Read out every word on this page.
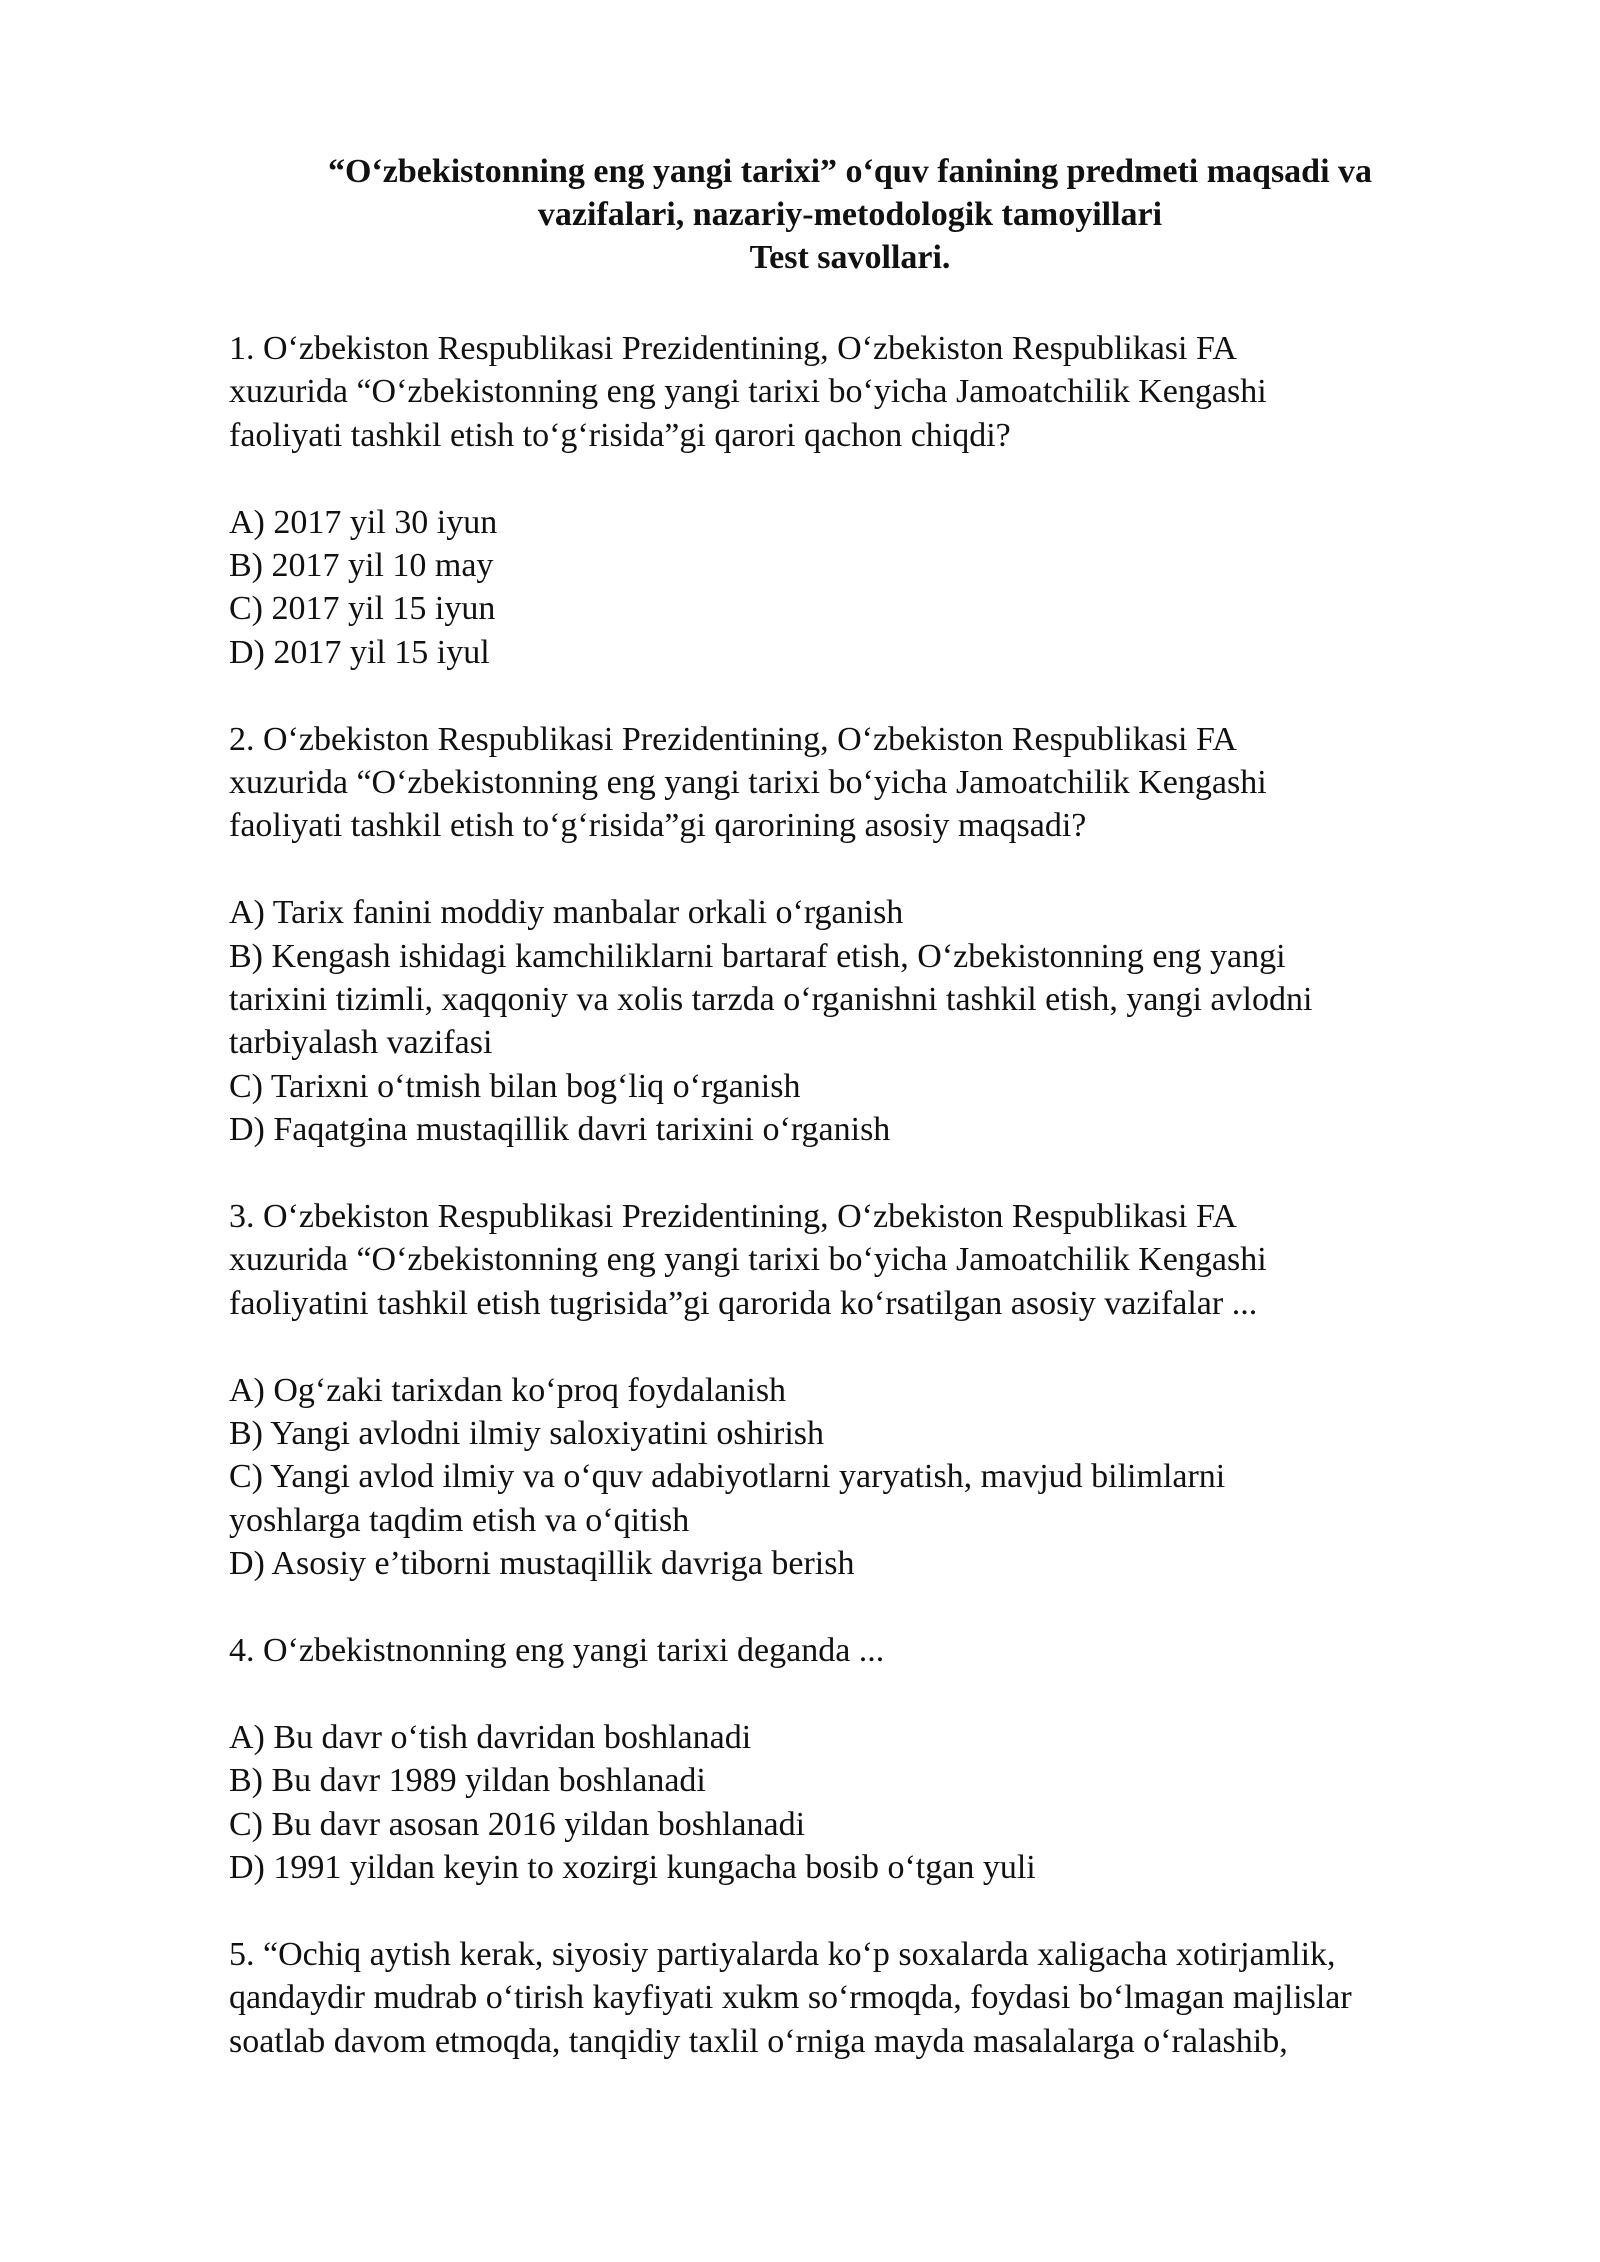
“O‘zbekistonning eng yangi tarixi” o‘quv fanining predmeti maqsadi va
vazifalari, nazariy-metodologik tamoyillari
Test savollari.
1. O‘zbekiston Respublikasi Prezidentining, O‘zbekiston Respublikasi FA
xuzurida “O‘zbekistonning eng yangi tarixi bo‘yicha Jamoatchilik Kengashi
faoliyati tashkil etish to‘g‘risida”gi qarori qachon chiqdi?
A) 2017 yil 30 iyun
B) 2017 yil 10 may
C) 2017 yil 15 iyun
D) 2017 yil 15 iyul
2. O‘zbekiston Respublikasi Prezidentining, O‘zbekiston Respublikasi FA
xuzurida “O‘zbekistonning eng yangi tarixi bo‘yicha Jamoatchilik Kengashi
faoliyati tashkil etish to‘g‘risida”gi qarorining asosiy maqsadi?
A) Tarix fanini moddiy manbalar orkali o‘rganish
B) Kengash ishidagi kamchiliklarni bartaraf etish, O‘zbekistonning eng yangi
tarixini tizimli, xaqqoniy va xolis tarzda o‘rganishni tashkil etish, yangi avlodni
tarbiyalash vazifasi
C) Tarixni o‘tmish bilan bog‘liq o‘rganish
D) Faqatgina mustaqillik davri tarixini o‘rganish
3. O‘zbekiston Respublikasi Prezidentining, O‘zbekiston Respublikasi FA
xuzurida “O‘zbekistonning eng yangi tarixi bo‘yicha Jamoatchilik Kengashi
faoliyatini tashkil etish tugrisida”gi qarorida ko‘rsatilgan asosiy vazifalar ...
A) Og‘zaki tarixdan ko‘proq foydalanish
B) Yangi avlodni ilmiy saloxiyatini oshirish
C) Yangi avlod ilmiy va o‘quv adabiyotlarni yaryatish, mavjud bilimlarni
yoshlarga taqdim etish va o‘qitish
D) Asosiy e’tiborni mustaqillik davriga berish
4. O‘zbekistnonning eng yangi tarixi deganda ...
A) Bu davr o‘tish davridan boshlanadi
B) Bu davr 1989 yildan boshlanadi
C) Bu davr asosan 2016 yildan boshlanadi
D) 1991 yildan keyin to xozirgi kungacha bosib o‘tgan yuli
5. “Ochiq aytish kerak, siyosiy partiyalarda ko‘p soxalarda xaligacha xotirjamlik,
qandaydir mudrab o‘tirish kayfiyati xukm so‘rmoqda, foydasi bo‘lmagan majlislar
soatlab davom etmoqda, tanqidiy taxlil o‘rniga mayda masalalarga o‘ralashib,
